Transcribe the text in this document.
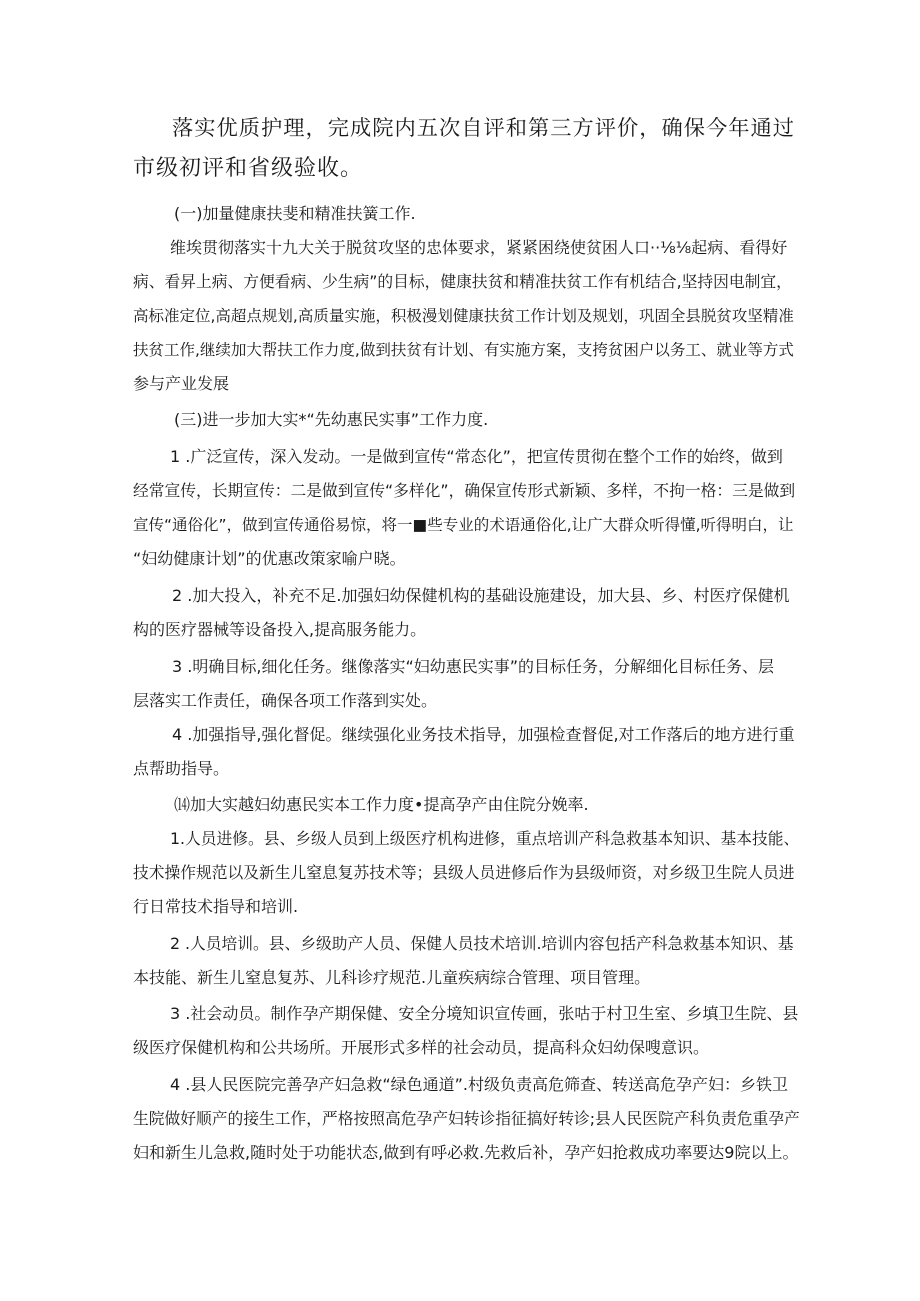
落实优质护理，完成院内五次自评和第三方评价，确保今年通过

市级初评和省级验收。

(一)加量健康扶斐和精准扶簧工作.

维埃贯彻落实十九大关于脱贫攻坚的忠体要求，紧紧困绕使贫困人口··⅛⅛起病、看得好

病、看昇上病、方便看病、少生病”的目标，健康扶贫和精准扶贫工作有机结合,坚持因电制宜，

高标准定位,高超点规划,高质量实施，积极漫划健康扶贫工作计划及规划，巩固全县脱贫攻坚精准

扶贫工作,继续加大帮扶工作力度,做到扶贫有计划、有实施方案，支挎贫困户以务工、就业等方式

参与产业发展

(三)进一步加大实*“先幼惠民实事”工作力度.

1 .广泛宣传，深入发动。一是做到宣传“常态化”，把宣传贯彻在整个工作的始终，做到

经常宣传，长期宣传：二是做到宣传“多样化”，确保宣传形式新颖、多样，不拘一格：三是做到

宣传“通俗化”，做到宣传通俗易惊，将一■些专业的术语通俗化,让广大群众听得懂,听得明白，让

“妇幼健康计划”的优惠改策家喻户晓。

2 .加大投入，补充不足.加强妇幼保健机构的基础设施建设，加大县、乡、村医疗保健机

构的医疗器械等设备投入,提高服务能力。

3 .明确目标,细化任务。继像落实“妇幼惠民实事”的目标任务，分解细化目标任务、层

层落实工作责任，确保各项工作落到实处。

4 .加强指导,强化督促。继续强化业务技术指导，加强检查督促,对工作落后的地方进行重

点帮助指导。

⒁加大实越妇幼惠民实本工作力度•提高孕产由住院分娩率.

1.人员进修。县、乡级人员到上级医疗机构进修，重点培训产科急救基本知识、基本技能、

技术操作规范以及新生儿窒息复苏技术等；县级人员进修后作为县级师资，对乡级卫生院人员进

行日常技术指导和培训.

2 .人员培训。县、乡级助产人员、保健人员技术培训.培训内容包括产科急救基本知识、基

本技能、新生儿窒息复苏、儿科诊疗规范.儿童疾病综合管理、项目管理。

3 .社会动员。制作孕产期保健、安全分境知识宣传画，张咕于村卫生室、乡填卫生院、县

级医疗保健机构和公共场所。开展形式多样的社会动员，提高科众妇幼保嗖意识。

4 .县人民医院完善孕产妇急救“绿色通道”.村级负责高危筛查、转送高危孕产妇：乡铁卫

生院做好顺产的接生工作，严格按照高危孕产妇转诊指征搞好转诊;县人民医院产科负责危重孕产

妇和新生儿急救,随时处于功能状态,做到有呼必救.先救后补，孕产妇抢救成功率要达9院以上。
